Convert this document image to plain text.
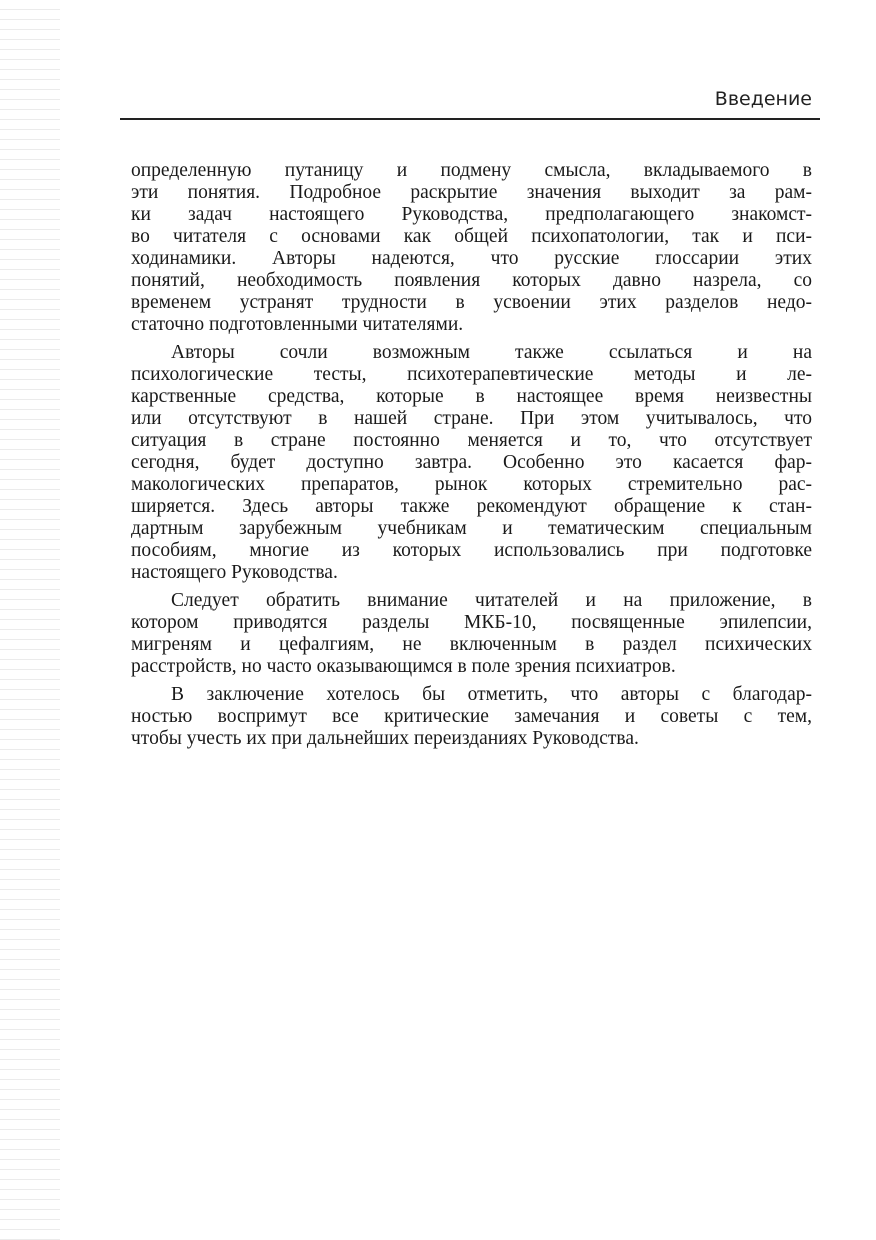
Введение
определенную путаницу и подмену смысла, вкладываемого в
эти понятия. Подробное раскрытие значения выходит за рам-
ки задач настоящего Руководства, предполагающего знакомст-
во читателя с основами как общей психопатологии, так и пси-
ходинамики. Авторы надеются, что русские глоссарии этих
понятий, необходимость появления которых давно назрела, со
временем устранят трудности в усвоении этих разделов недо-
статочно подготовленными читателями.
Авторы сочли возможным также ссылаться и на
психологические тесты, психотерапевтические методы и ле-
карственные средства, которые в настоящее время неизвестны
или отсутствуют в нашей стране. При этом учитывалось, что
ситуация в стране постоянно меняется и то, что отсутствует
сегодня, будет доступно завтра. Особенно это касается фар-
макологических препаратов, рынок которых стремительно рас-
ширяется. Здесь авторы также рекомендуют обращение к стан-
дартным зарубежным учебникам и тематическим специальным
пособиям, многие из которых использовались при подготовке
настоящего Руководства.
Следует обратить внимание читателей и на приложение, в
котором приводятся разделы МКБ-10, посвященные эпилепсии,
мигреням и цефалгиям, не включенным в раздел психических
расстройств, но часто оказывающимся в поле зрения психиатров.
В заключение хотелось бы отметить, что авторы с благодар-
ностью воспримут все критические замечания и советы с тем,
чтобы учесть их при дальнейших переизданиях Руководства.
